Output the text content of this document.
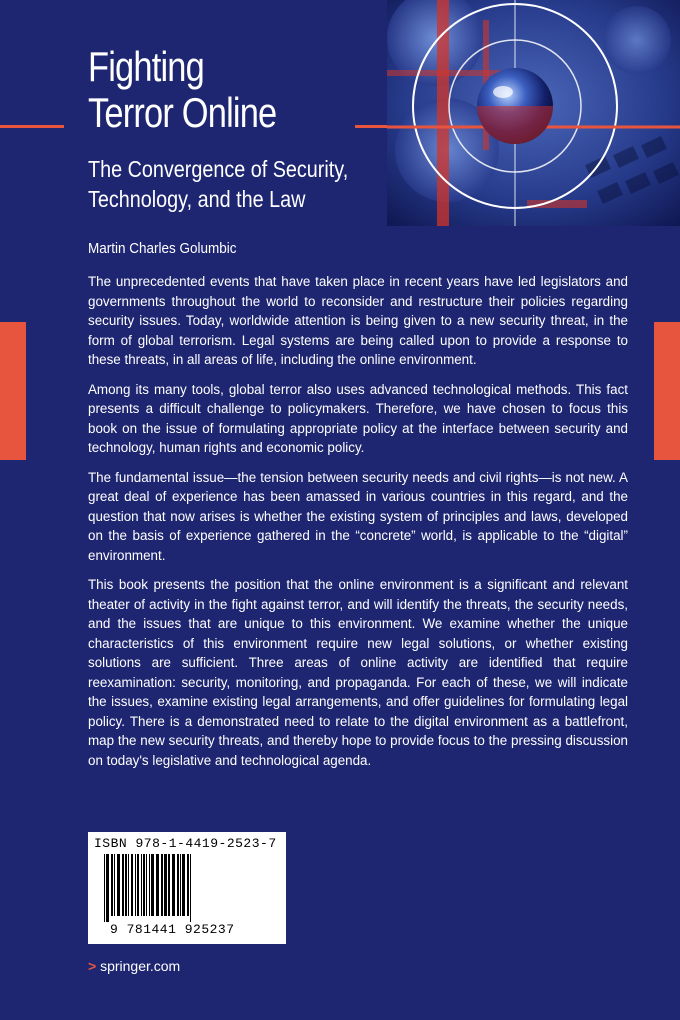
Fighting
Terror Online
The Convergence of Security,
Technology, and the Law
Martin Charles Golumbic

The unprecedented events that have taken place in recent years have led legislators and governments throughout the world to reconsider and restructure their policies regarding security issues. Today, worldwide attention is being given to a new security threat, in the form of global terrorism. Legal systems are being called upon to provide a response to these threats, in all areas of life, including the online environment.

Among its many tools, global terror also uses advanced technological methods. This fact presents a difficult challenge to policymakers. Therefore, we have chosen to focus this book on the issue of formulating appropriate policy at the interface between security and technology, human rights and economic policy.

The fundamental issue—the tension between security needs and civil rights—is not new. A great deal of experience has been amassed in various countries in this regard, and the question that now arises is whether the existing system of principles and laws, developed on the basis of experience gathered in the “concrete” world, is applicable to the “digital” environment.

This book presents the position that the online environment is a significant and relevant theater of activity in the fight against terror, and will identify the threats, the security needs, and the issues that are unique to this environment. We examine whether the unique characteristics of this environment require new legal solutions, or whether existing solutions are sufficient. Three areas of online activity are identified that require reexamination: security, monitoring, and propaganda. For each of these, we will indicate the issues, examine existing legal arrangements, and offer guidelines for formulating legal policy. There is a demonstrated need to relate to the digital environment as a battlefront, map the new security threats, and thereby hope to provide focus to the pressing discussion on today's legislative and technological agenda.

ISBN 978-1-4419-2523-7
9 781441 925237
> springer.com
